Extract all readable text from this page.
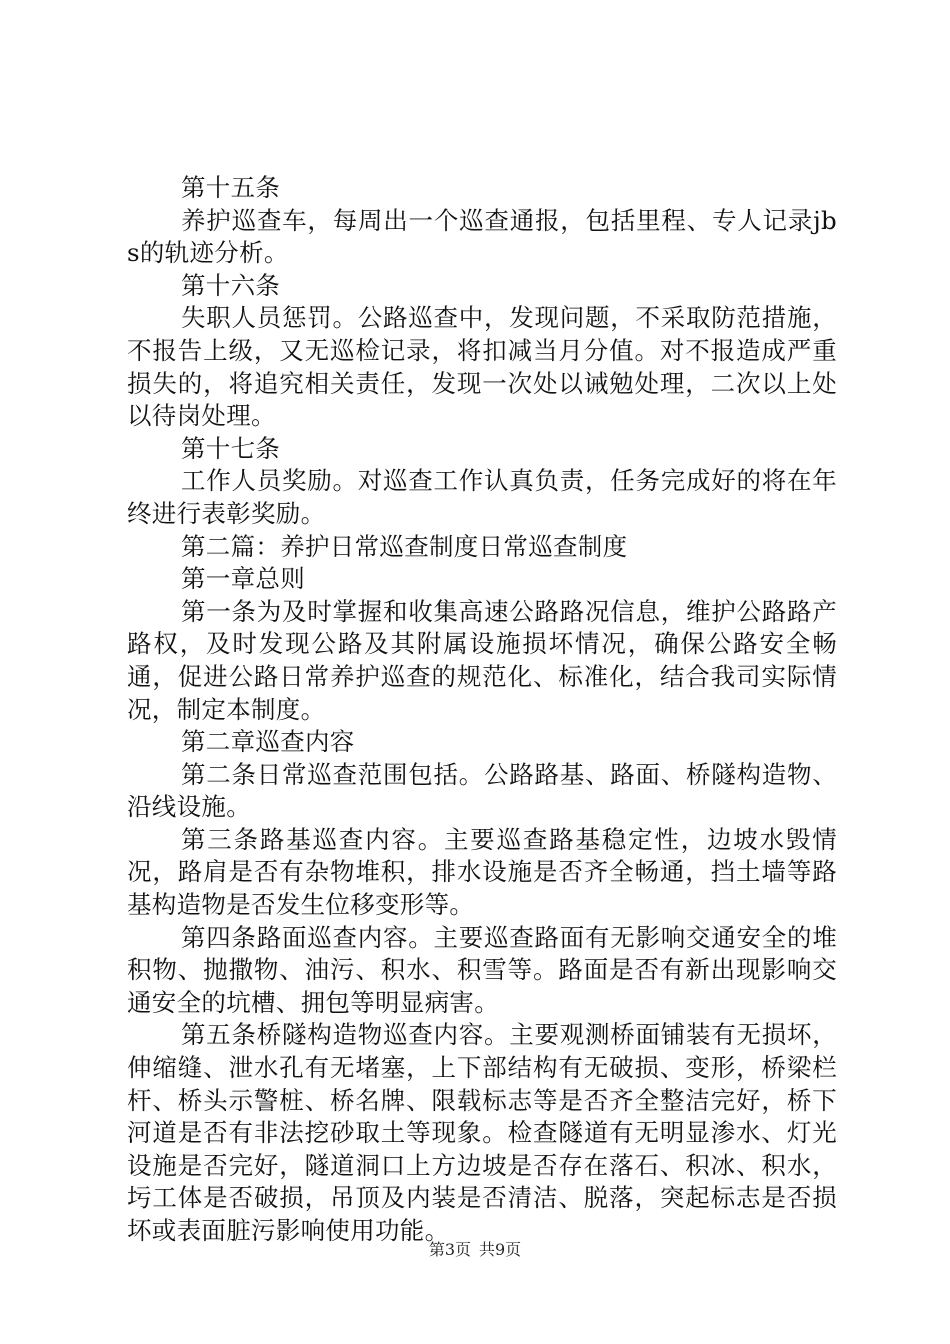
第十五条

养护巡查车，每周出一个巡查通报，包括里程、专人记录jbs的轨迹分析。

第十六条

失职人员惩罚。公路巡查中，发现问题，不采取防范措施，不报告上级，又无巡检记录，将扣减当月分值。对不报造成严重损失的，将追究相关责任，发现一次处以诫勉处理，二次以上处以待岗处理。

第十七条

工作人员奖励。对巡查工作认真负责，任务完成好的将在年终进行表彰奖励。

第二篇：养护日常巡查制度日常巡查制度

第一章总则

第一条为及时掌握和收集高速公路路况信息，维护公路路产路权，及时发现公路及其附属设施损坏情况，确保公路安全畅通，促进公路日常养护巡查的规范化、标准化，结合我司实际情况，制定本制度。

第二章巡查内容

第二条日常巡查范围包括。公路路基、路面、桥隧构造物、沿线设施。

第三条路基巡查内容。主要巡查路基稳定性，边坡水毁情况，路肩是否有杂物堆积，排水设施是否齐全畅通，挡土墙等路基构造物是否发生位移变形等。

第四条路面巡查内容。主要巡查路面有无影响交通安全的堆积物、抛撒物、油污、积水、积雪等。路面是否有新出现影响交通安全的坑槽、拥包等明显病害。

第五条桥隧构造物巡查内容。主要观测桥面铺装有无损坏，伸缩缝、泄水孔有无堵塞，上下部结构有无破损、变形，桥梁栏杆、桥头示警桩、桥名牌、限载标志等是否齐全整洁完好，桥下河道是否有非法挖砂取土等现象。检查隧道有无明显渗水、灯光设施是否完好，隧道洞口上方边坡是否存在落石、积冰、积水，圬工体是否破损，吊顶及内装是否清洁、脱落，突起标志是否损坏或表面脏污影响使用功能。

第3页 共9页
